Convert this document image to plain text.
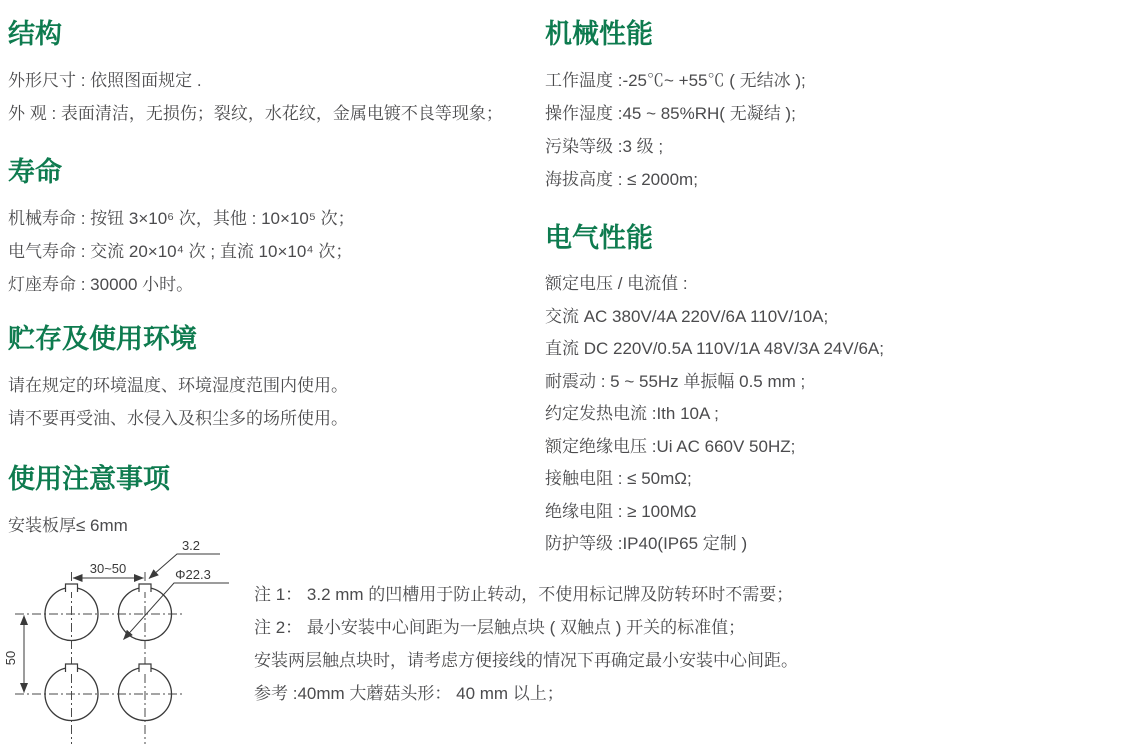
结构

外形尺寸 : 依照图面规定 .

外 观 : 表面清洁，无损伤；裂纹，水花纹，金属电镀不良等现象；

寿命

机械寿命 : 按钮 3×10⁶ 次，其他 : 10×10⁵ 次；

电气寿命 : 交流 20×10⁴ 次 ; 直流 10×10⁴ 次；

灯座寿命 : 30000 小时。

贮存及使用环境

请在规定的环境温度、环境湿度范围内使用。

请不要再受油、水侵入及积尘多的场所使用。

使用注意事项

安装板厚≤ 6mm

机械性能

工作温度 :-25℃~ +55℃ ( 无结冰 );

操作湿度 :45 ~ 85%RH( 无凝结 );

污染等级 :3 级 ;

海拔高度 : ≤ 2000m;

电气性能

额定电压 / 电流值 :

交流 AC 380V/4A 220V/6A 110V/10A;

直流 DC 220V/0.5A 110V/1A 48V/3A 24V/6A;

耐震动 : 5 ~ 55Hz 单振幅 0.5 mm ;

约定发热电流 :Ith 10A ;

额定绝缘电压 :Ui AC 660V 50HZ;

接触电阻 : ≤ 50mΩ;

绝缘电阻 : ≥ 100MΩ

防护等级 :IP40(IP65 定制 )

注 1： 3.2 mm 的凹槽用于防止转动，不使用标记牌及防转环时不需要；

注 2： 最小安装中心间距为一层触点块 ( 双触点 ) 开关的标准值；

安装两层触点块时，请考虑方便接线的情况下再确定最小安装中心间距。

参考 :40mm 大蘑菇头形： 40 mm 以上；

30~50
50
3.2
Φ22.3
